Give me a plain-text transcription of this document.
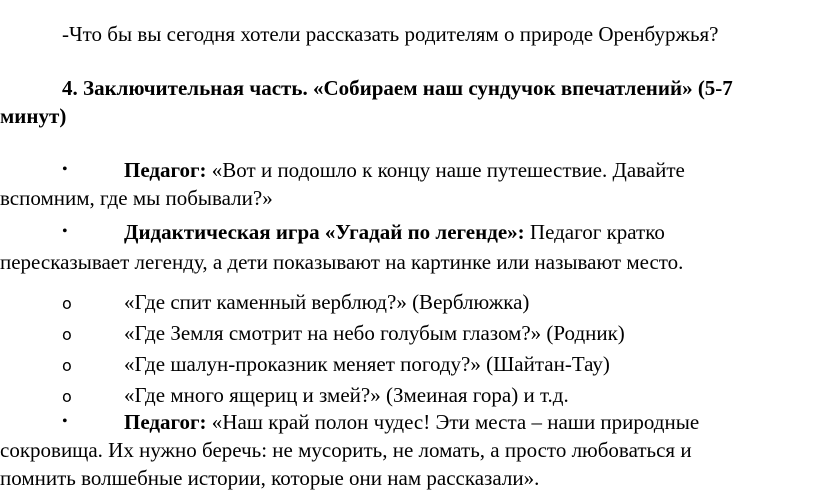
-Что бы вы сегодня хотели рассказать родителям о природе Оренбуржья?
4. Заключительная часть. «Собираем наш сундучок впечатлений» (5-7
минут)
•	Педагог: «Вот и подошло к концу наше путешествие. Давайте
вспомним, где мы побывали?»
•	Дидактическая игра «Угадай по легенде»: Педагог кратко
пересказывает легенду, а дети показывают на картинке или называют место.
o «Где спит каменный верблюд?» (Верблюжка)
o «Где Земля смотрит на небо голубым глазом?» (Родник)
o «Где шалун-проказник меняет погоду?» (Шайтан-Тау)
o «Где много ящериц и змей?» (Змеиная гора) и т.д.
•	Педагог: «Наш край полон чудес! Эти места – наши природные
сокровища. Их нужно беречь: не мусорить, не ломать, а просто любоваться и
помнить волшебные истории, которые они нам рассказали».
